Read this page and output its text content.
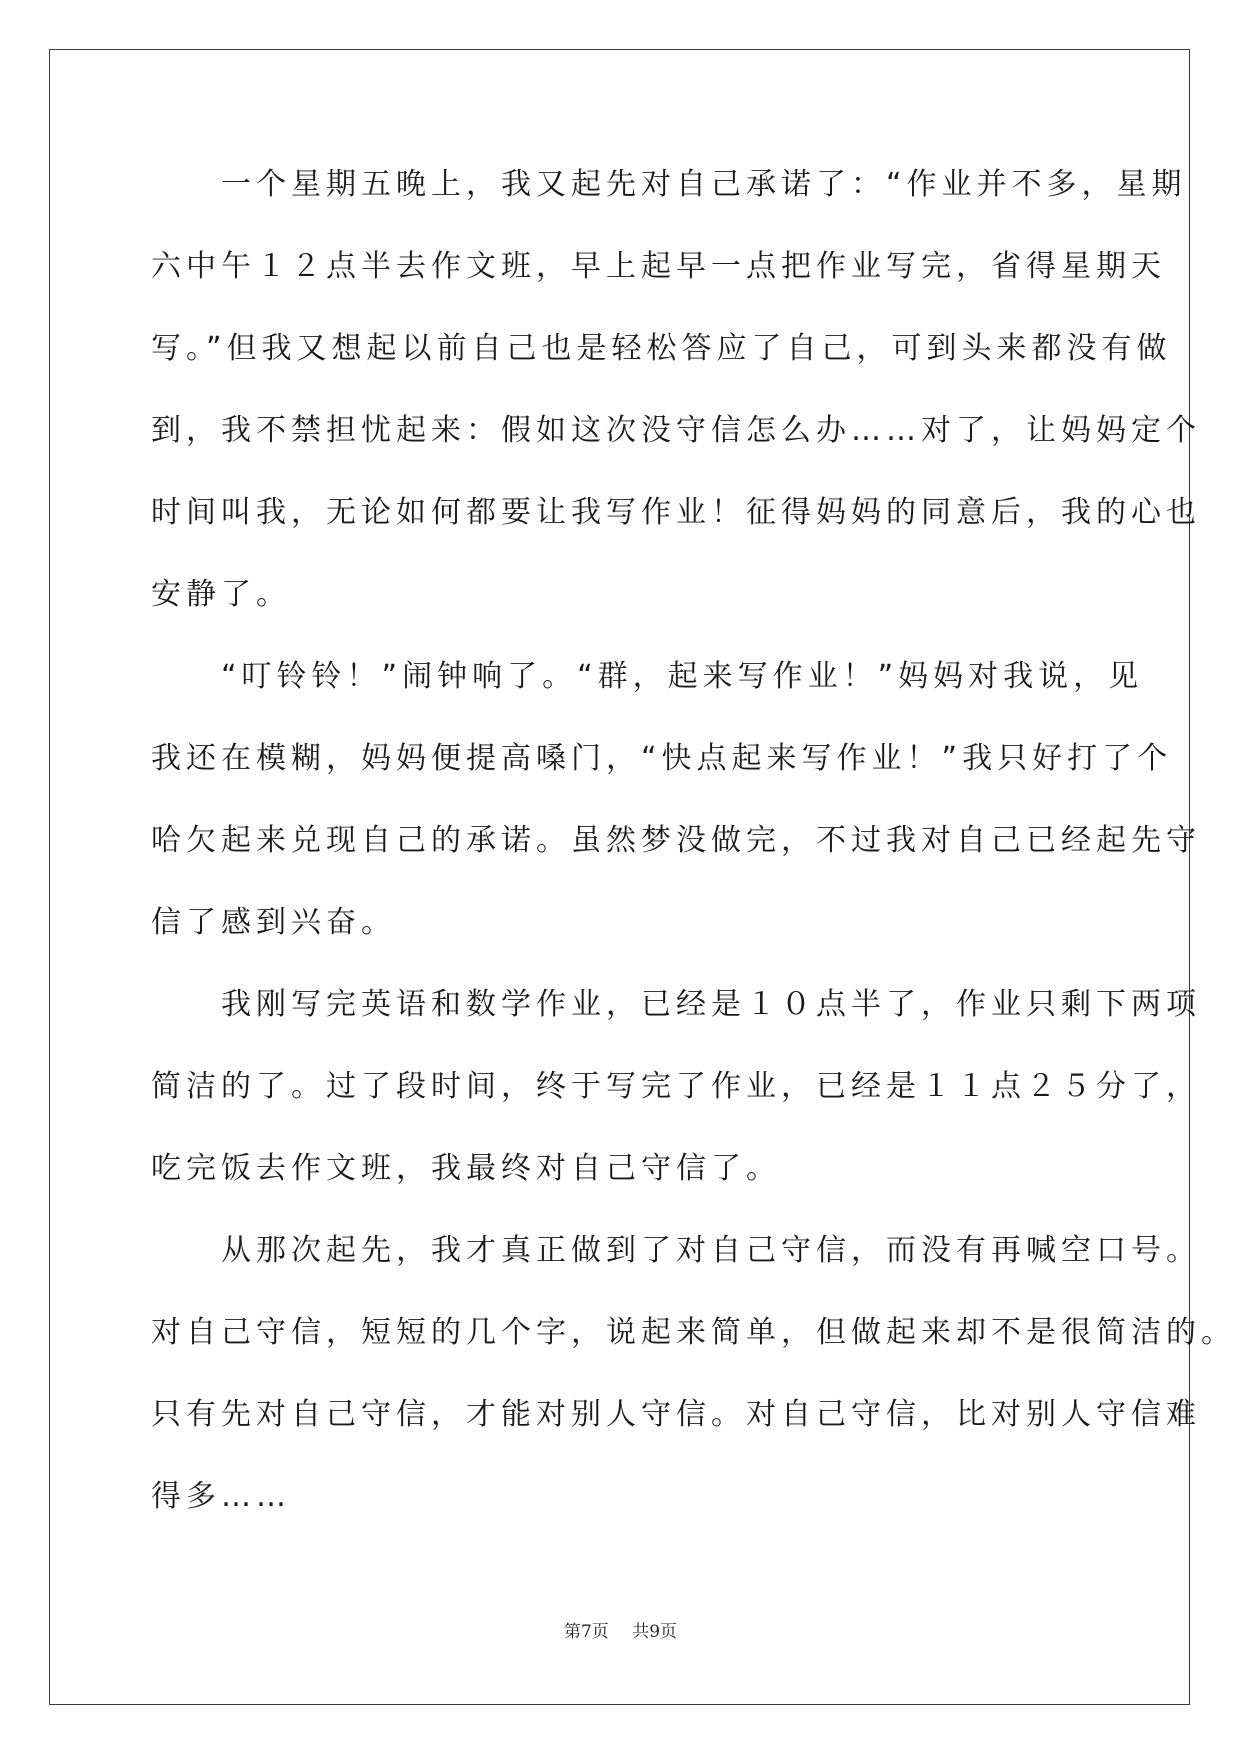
　　一个星期五晚上，我又起先对自己承诺了：“作业并不多，星期
六中午１２点半去作文班，早上起早一点把作业写完，省得星期天
写。”但我又想起以前自己也是轻松答应了自己，可到头来都没有做
到，我不禁担忧起来：假如这次没守信怎么办……对了，让妈妈定个
时间叫我，无论如何都要让我写作业！征得妈妈的同意后，我的心也
安静了。
　　“叮铃铃！”闹钟响了。“群，起来写作业！”妈妈对我说，见
我还在模糊，妈妈便提高嗓门，“快点起来写作业！”我只好打了个
哈欠起来兑现自己的承诺。虽然梦没做完，不过我对自己已经起先守
信了感到兴奋。
　　我刚写完英语和数学作业，已经是１０点半了，作业只剩下两项
简洁的了。过了段时间，终于写完了作业，已经是１１点２５分了，
吃完饭去作文班，我最终对自己守信了。
　　从那次起先，我才真正做到了对自己守信，而没有再喊空口号。
对自己守信，短短的几个字，说起来简单，但做起来却不是很简洁的。
只有先对自己守信，才能对别人守信。对自己守信，比对别人守信难
得多……
第7页 共9页
